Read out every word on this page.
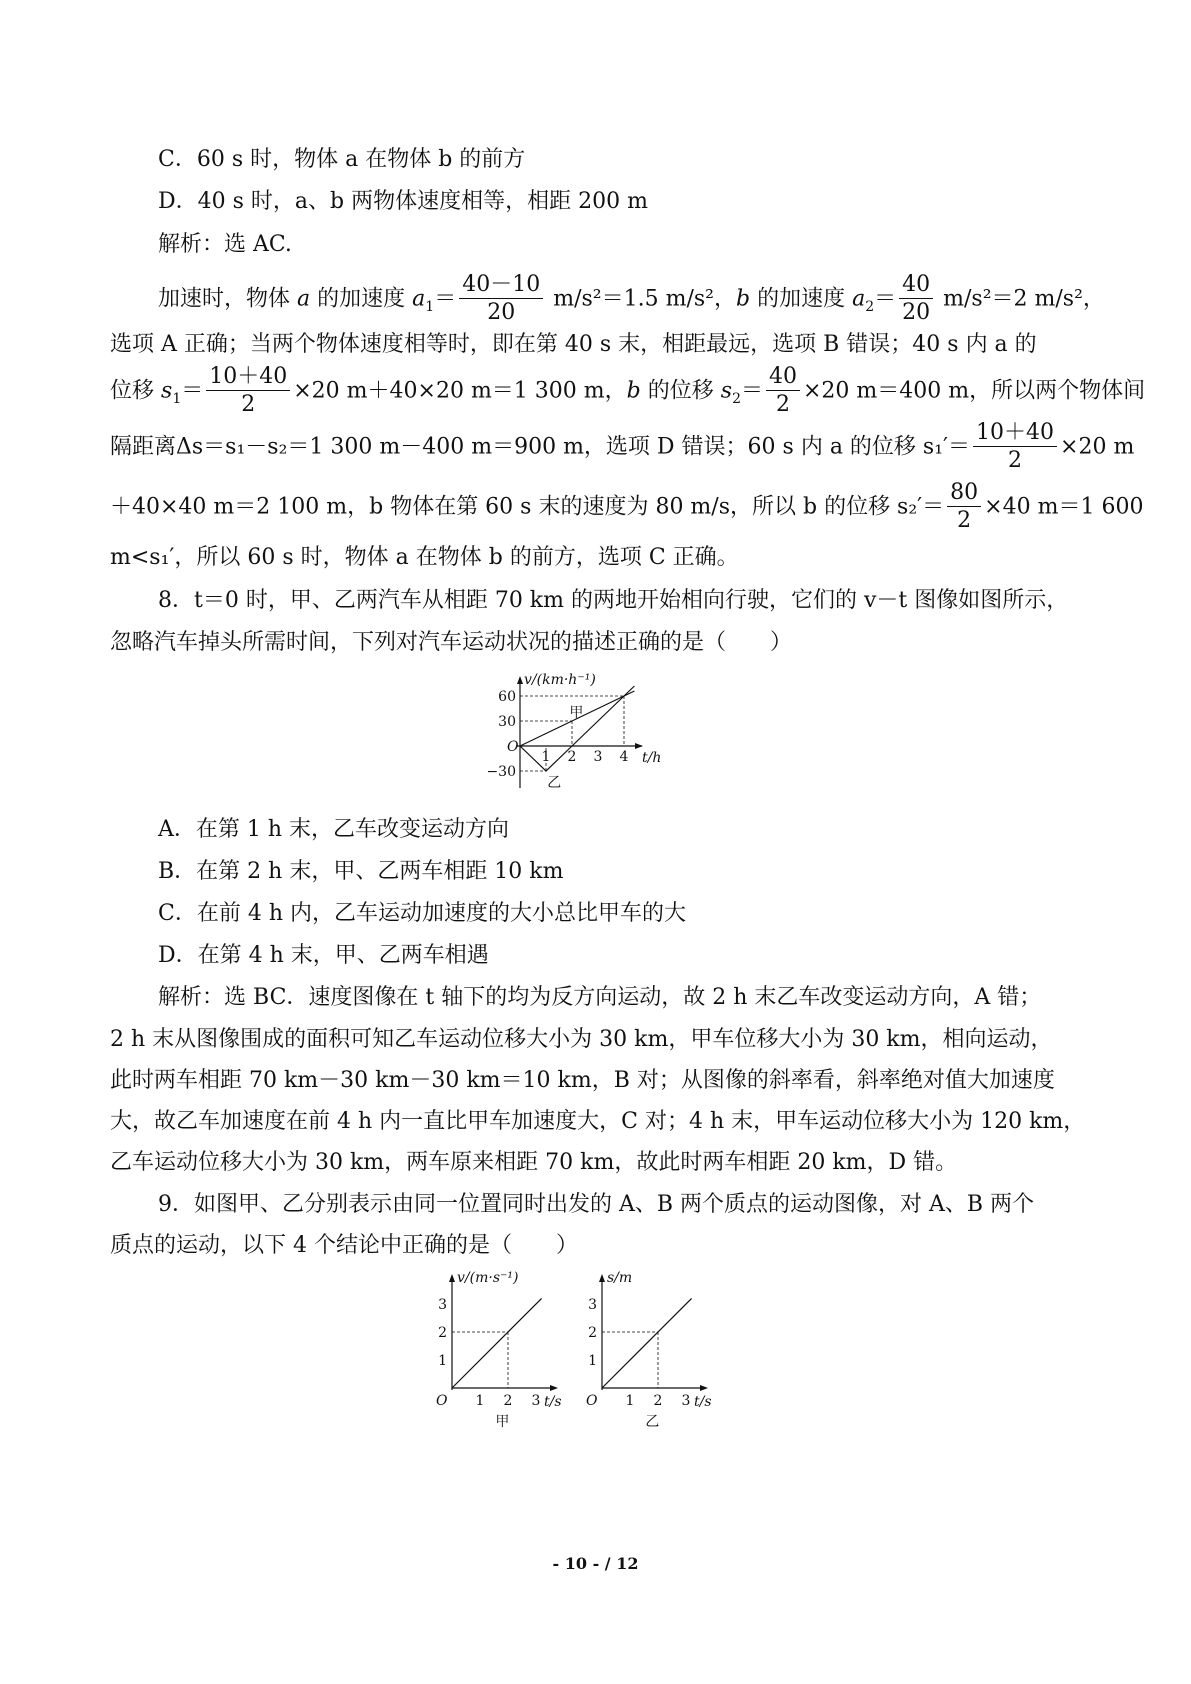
C．60 s 时，物体 a 在物体 b 的前方
D．40 s 时，a、b 两物体速度相等，相距 200 m
解析：选 AC.
加速时，物体 a 的加速度 $a_1= \frac{40-10}{20} m/s^2=1.5$ m/s²，b 的加速度 $a_2= \frac{40}{20} m/s^2=2$ m/s²，
选项 A 正确；当两个物体速度相等时，即在第 40 s 末，相距最远，选项 B 错误；40 s 内 a 的
位移 $s_1= \frac{10+40}{2} \times 20$ m＋40×20 m＝1 300 m，b 的位移 $s_2= \frac{40}{2} \times 20$ m＝400 m，所以两个物体间
隔距离Δs＝s₁－s₂＝1 300 m－400 m＝900 m，选项 D 错误；60 s 内 a 的位移 $s_1'= \frac{10+40}{2} \times 20$ m
＋40×40 m＝2 100 m，b 物体在第 60 s 末的速度为 80 m/s，所以 b 的位移 $s_2'= \frac{80}{2} \times 40$ m＝1 600
m<s₁′，所以 60 s 时，物体 a 在物体 b 的前方，选项 C 正确。
8．t＝0 时，甲、乙两汽车从相距 70 km 的两地开始相向行驶，它们的 v－t 图像如图所示，
忽略汽车掉头所需时间，下列对汽车运动状况的描述正确的是（　　）
v/(km·h⁻¹)
t/h
O
60
30
−30
1 2 3 4
甲
乙
A．在第 1 h 末，乙车改变运动方向
B．在第 2 h 末，甲、乙两车相距 10 km
C．在前 4 h 内，乙车运动加速度的大小总比甲车的大
D．在第 4 h 末，甲、乙两车相遇
解析：选 BC．速度图像在 t 轴下的均为反方向运动，故 2 h 末乙车改变运动方向，A 错；
2 h 末从图像围成的面积可知乙车运动位移大小为 30 km，甲车位移大小为 30 km，相向运动，
此时两车相距 70 km－30 km－30 km＝10 km，B 对；从图像的斜率看，斜率绝对值大加速度
大，故乙车加速度在前 4 h 内一直比甲车加速度大，C 对；4 h 末，甲车运动位移大小为 120 km，
乙车运动位移大小为 30 km，两车原来相距 70 km，故此时两车相距 20 km，D 错。
9．如图甲、乙分别表示由同一位置同时出发的 A、B 两个质点的运动图像，对 A、B 两个
质点的运动，以下 4 个结论中正确的是（　　）
v/(m·s⁻¹)
t/s
O
1
2
3
1 2 3
甲
s/m
t/s
O
1
2
3
1 2 3
乙
- 10 - / 12
